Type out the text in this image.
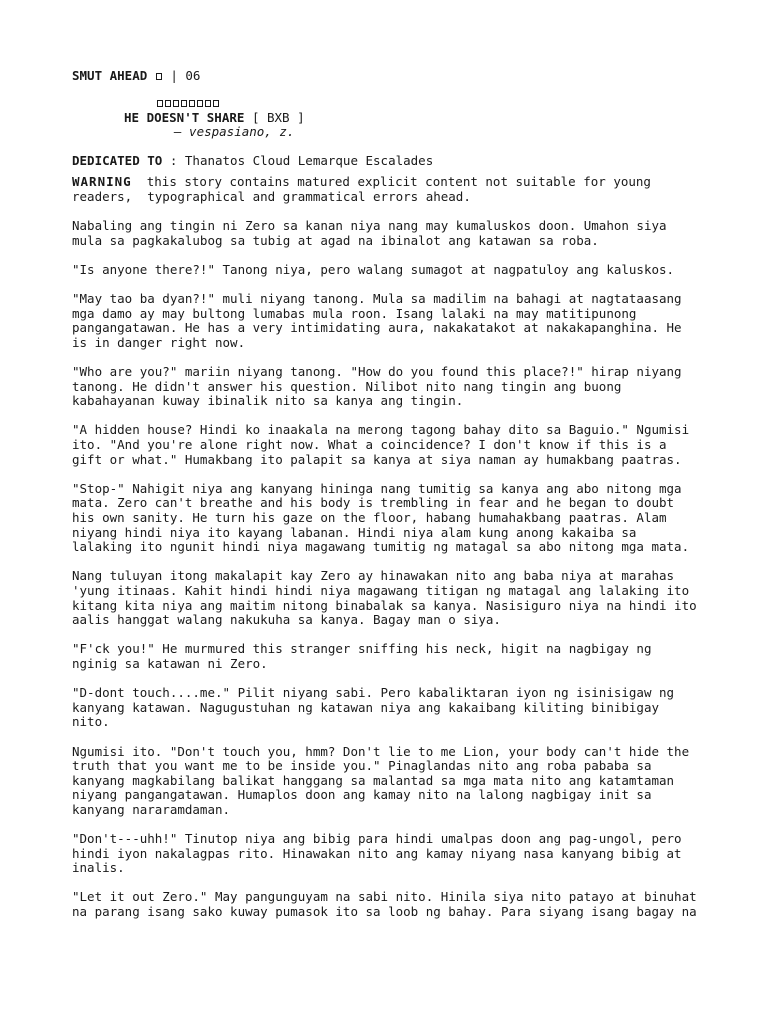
SMUT AHEAD  | 06
HE DOESN'T SHARE [ BXB ]
— vespasiano, z.
DEDICATED TO : Thanatos Cloud Lemarque Escalades
WARNING  this story contains matured explicit content not suitable for young
readers,  typographical and grammatical errors ahead.
Nabaling ang tingin ni Zero sa kanan niya nang may kumaluskos doon. Umahon siya
mula sa pagkakalubog sa tubig at agad na ibinalot ang katawan sa roba.
"Is anyone there?!" Tanong niya, pero walang sumagot at nagpatuloy ang kaluskos.
"May tao ba dyan?!" muli niyang tanong. Mula sa madilim na bahagi at nagtataasang
mga damo ay may bultong lumabas mula roon. Isang lalaki na may matitipunong
pangangatawan. He has a very intimidating aura, nakakatakot at nakakapanghina. He
is in danger right now.
"Who are you?" mariin niyang tanong. "How do you found this place?!" hirap niyang
tanong. He didn't answer his question. Nilibot nito nang tingin ang buong
kabahayanan kuway ibinalik nito sa kanya ang tingin.
"A hidden house? Hindi ko inaakala na merong tagong bahay dito sa Baguio." Ngumisi
ito. "And you're alone right now. What a coincidence? I don't know if this is a
gift or what." Humakbang ito palapit sa kanya at siya naman ay humakbang paatras.
"Stop-" Nahigit niya ang kanyang hininga nang tumitig sa kanya ang abo nitong mga
mata. Zero can't breathe and his body is trembling in fear and he began to doubt
his own sanity. He turn his gaze on the floor, habang humahakbang paatras. Alam
niyang hindi niya ito kayang labanan. Hindi niya alam kung anong kakaiba sa
lalaking ito ngunit hindi niya magawang tumitig ng matagal sa abo nitong mga mata.
Nang tuluyan itong makalapit kay Zero ay hinawakan nito ang baba niya at marahas
'yung itinaas. Kahit hindi hindi niya magawang titigan ng matagal ang lalaking ito
kitang kita niya ang maitim nitong binabalak sa kanya. Nasisiguro niya na hindi ito
aalis hanggat walang nakukuha sa kanya. Bagay man o siya.
"F'ck you!" He murmured this stranger sniffing his neck, higit na nagbigay ng
nginig sa katawan ni Zero.
"D-dont touch....me." Pilit niyang sabi. Pero kabaliktaran iyon ng isinisigaw ng
kanyang katawan. Nagugustuhan ng katawan niya ang kakaibang kiliting binibigay
nito.
Ngumisi ito. "Don't touch you, hmm? Don't lie to me Lion, your body can't hide the
truth that you want me to be inside you." Pinaglandas nito ang roba pababa sa
kanyang magkabilang balikat hanggang sa malantad sa mga mata nito ang katamtaman
niyang pangangatawan. Humaplos doon ang kamay nito na lalong nagbigay init sa
kanyang nararamdaman.
"Don't---uhh!" Tinutop niya ang bibig para hindi umalpas doon ang pag-ungol, pero
hindi iyon nakalagpas rito. Hinawakan nito ang kamay niyang nasa kanyang bibig at
inalis.
"Let it out Zero." May pangunguyam na sabi nito. Hinila siya nito patayo at binuhat
na parang isang sako kuway pumasok ito sa loob ng bahay. Para siyang isang bagay na
